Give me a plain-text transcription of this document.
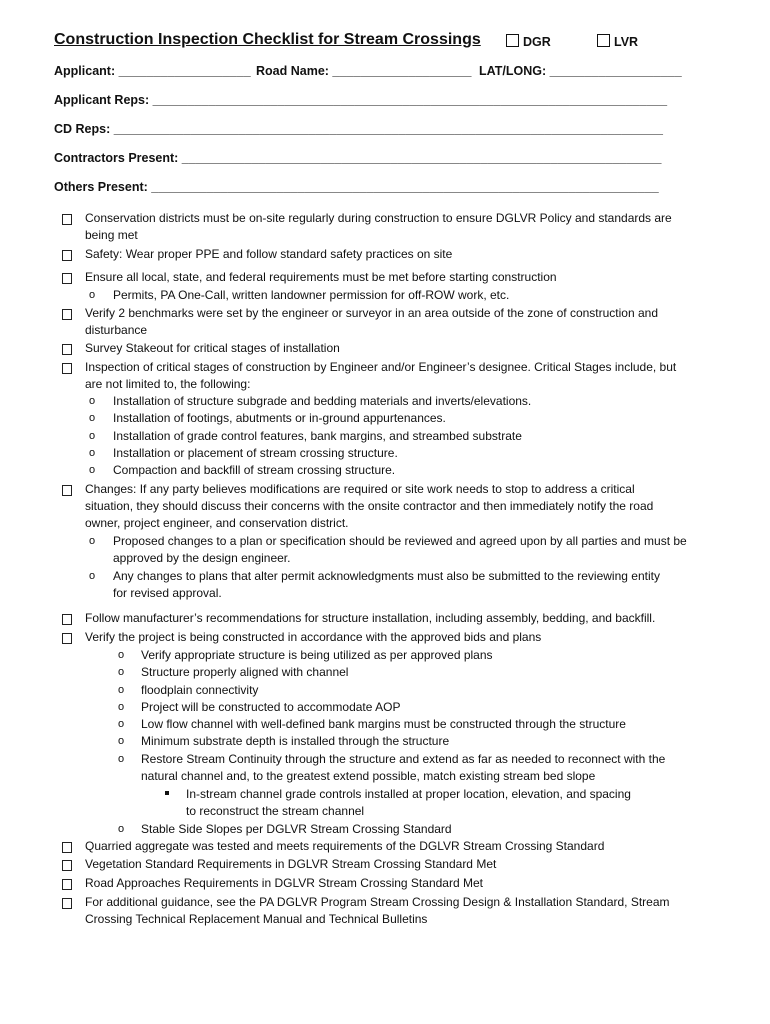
Construction Inspection Checklist for Stream Crossings	DGR	LVR
Applicant: ___________________ Road Name: ____________________ LAT/LONG: ___________________
Applicant Reps: __________________________________________________________________________
CD Reps: _______________________________________________________________________________
Contractors Present: _____________________________________________________________________
Others Present: _________________________________________________________________________
Conservation districts must be on-site regularly during construction to ensure DGLVR Policy and standards are
being met
Safety: Wear proper PPE and follow standard safety practices on site
Ensure all local, state, and federal requirements must be met before starting construction
o Permits, PA One-Call, written landowner permission for off-ROW work, etc.
Verify 2 benchmarks were set by the engineer or surveyor in an area outside of the zone of construction and
disturbance
Survey Stakeout for critical stages of installation
Inspection of critical stages of construction by Engineer and/or Engineer’s designee. Critical Stages include, but
are not limited to, the following:
o Installation of structure subgrade and bedding materials and inverts/elevations.
o Installation of footings, abutments or in-ground appurtenances.
o Installation of grade control features, bank margins, and streambed substrate
o Installation or placement of stream crossing structure.
o Compaction and backfill of stream crossing structure.
Changes: If any party believes modifications are required or site work needs to stop to address a critical
situation, they should discuss their concerns with the onsite contractor and then immediately notify the road
owner, project engineer, and conservation district.
o Proposed changes to a plan or specification should be reviewed and agreed upon by all parties and must be
approved by the design engineer.
o Any changes to plans that alter permit acknowledgments must also be submitted to the reviewing entity
for revised approval.
Follow manufacturer’s recommendations for structure installation, including assembly, bedding, and backfill.
Verify the project is being constructed in accordance with the approved bids and plans
o Verify appropriate structure is being utilized as per approved plans
o Structure properly aligned with channel
o floodplain connectivity
o Project will be constructed to accommodate AOP
o Low flow channel with well-defined bank margins must be constructed through the structure
o Minimum substrate depth is installed through the structure
o Restore Stream Continuity through the structure and extend as far as needed to reconnect with the
natural channel and, to the greatest extend possible, match existing stream bed slope
In-stream channel grade controls installed at proper location, elevation, and spacing
to reconstruct the stream channel
o Stable Side Slopes per DGLVR Stream Crossing Standard
Quarried aggregate was tested and meets requirements of the DGLVR Stream Crossing Standard
Vegetation Standard Requirements in DGLVR Stream Crossing Standard Met
Road Approaches Requirements in DGLVR Stream Crossing Standard Met
For additional guidance, see the PA DGLVR Program Stream Crossing Design & Installation Standard, Stream
Crossing Technical Replacement Manual and Technical Bulletins
